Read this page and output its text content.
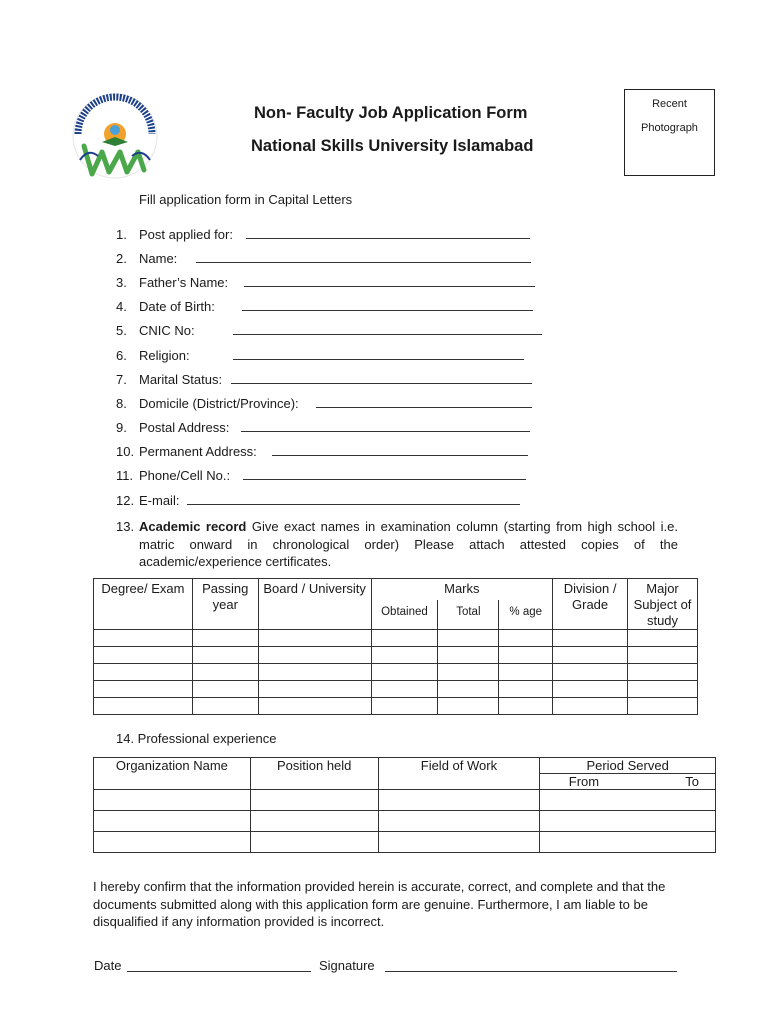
Non- Faculty Job Application Form
National Skills University Islamabad
Recent
Photograph
Fill application form in Capital Letters
1. Post applied for:
2. Name:
3. Father’s Name:
4. Date of Birth:
5. CNIC No:
6. Religion:
7. Marital Status:
8. Domicile (District/Province):
9. Postal Address:
10. Permanent Address:
11. Phone/Cell No.:
12. E-mail:
13. Academic record Give exact names in examination column (starting from high school i.e. matric onward in chronological order) Please attach attested copies of the academic/experience certificates.
Degree/ Exam	Passing year	Board / University	Marks			Division / Grade	Major Subject of study
			Obtained	Total	% age		

14. Professional experience
Organization Name	Position held	Field of Work	Period Served	
			From	To

I hereby confirm that the information provided herein is accurate, correct, and complete and that the documents submitted along with this application form are genuine. Furthermore, I am liable to be disqualified if any information provided is incorrect.
Date	Signature
